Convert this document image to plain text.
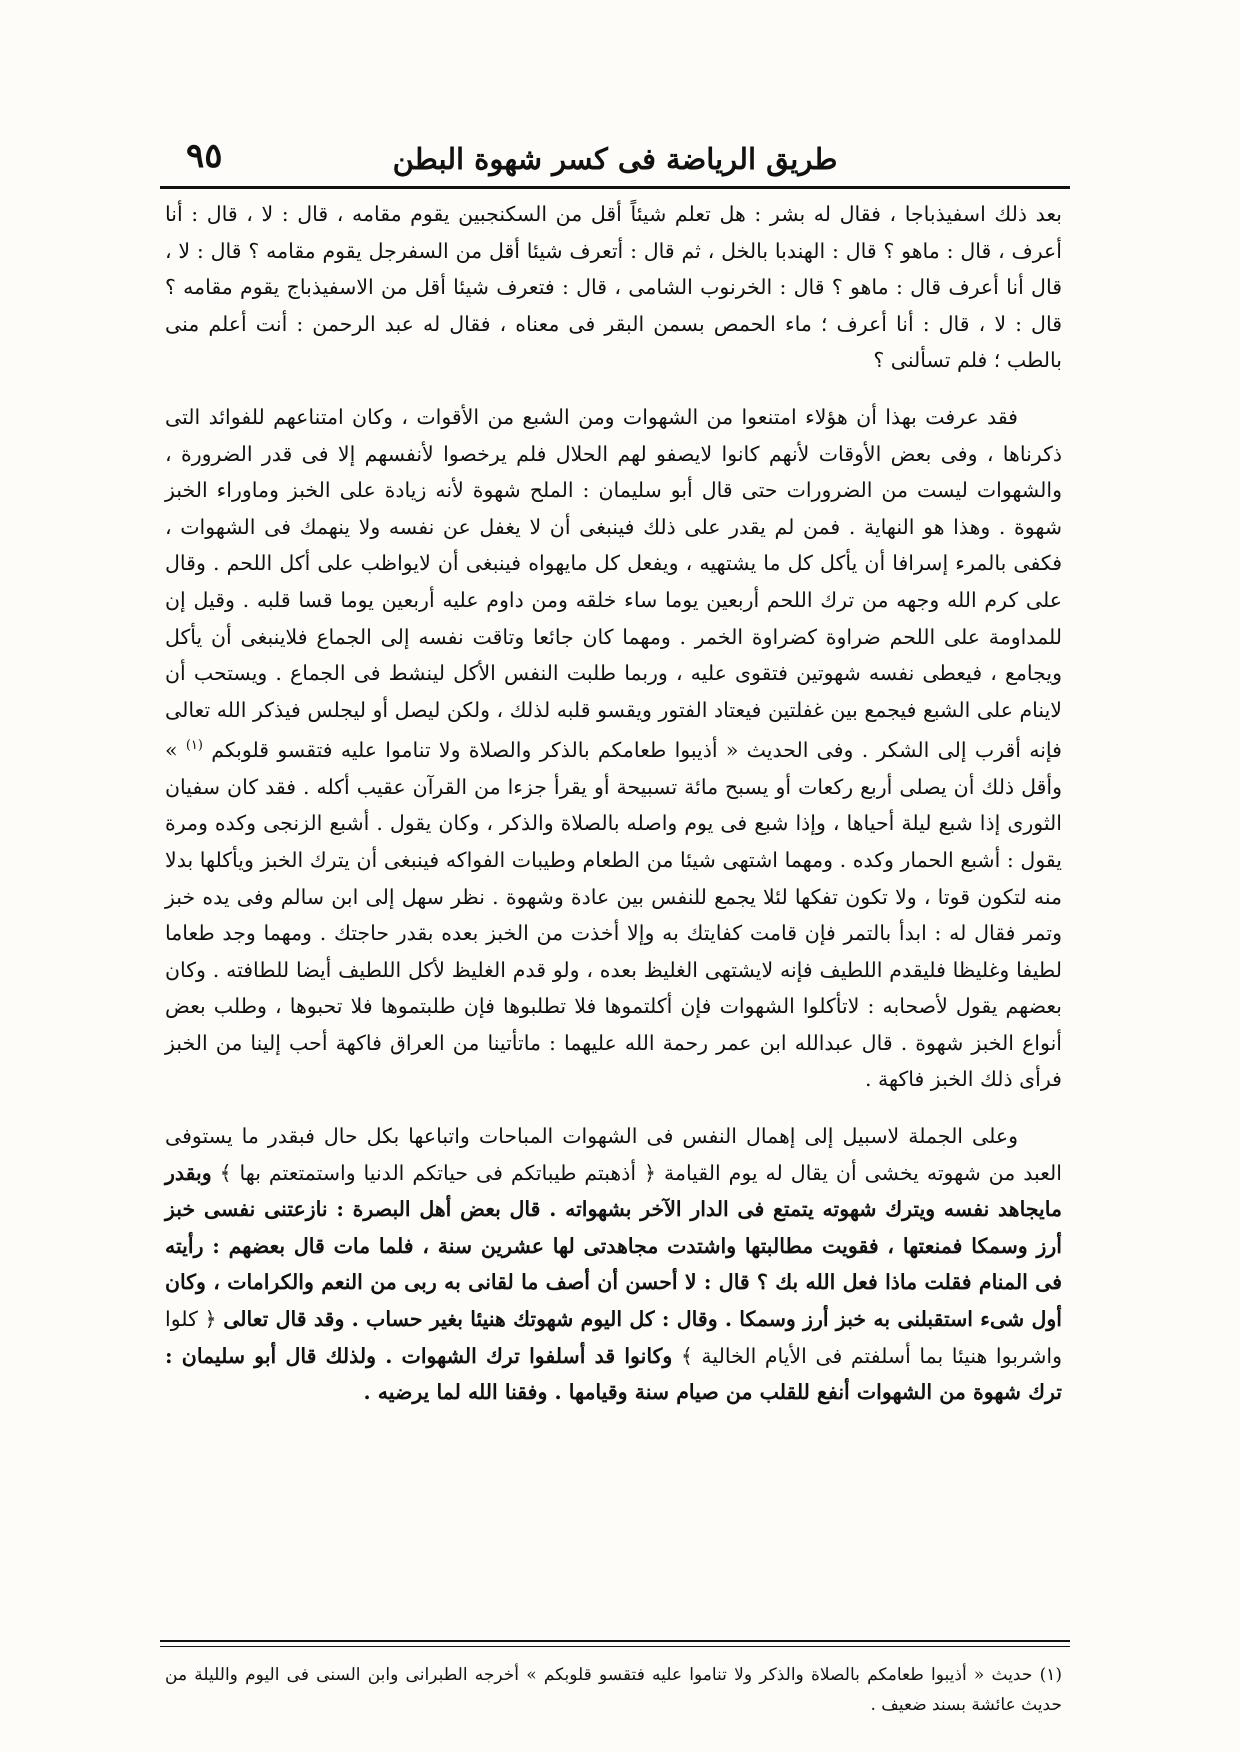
٩٥	طريق الرياضة فى كسر شهوة البطن

بعد ذلك اسفيذباجا ، فقال له بشر : هل تعلم شيئاً أقل من السكنجبين يقوم مقامه ، قال : لا ، قال : أنا أعرف ، قال : ماهو ؟ قال : الهندبا بالخل ، ثم قال : أتعرف شيئا أقل من السفرجل يقوم مقامه ؟ قال : لا ، قال أنا أعرف قال : ماهو ؟ قال : الخرنوب الشامى ، قال : فتعرف شيئا أقل من الاسفيذباج يقوم مقامه ؟ قال : لا ، قال : أنا أعرف ؛ ماء الحمص بسمن البقر فى معناه ، فقال له عبد الرحمن : أنت أعلم منى بالطب ؛ فلم تسألنى ؟

فقد عرفت بهذا أن هؤلاء امتنعوا من الشهوات ومن الشبع من الأقوات ، وكان امتناعهم للفوائد التى ذكرناها ، وفى بعض الأوقات لأنهم كانوا لايصفو لهم الحلال فلم يرخصوا لأنفسهم إلا فى قدر الضرورة ، والشهوات ليست من الضرورات حتى قال أبو سليمان : الملح شهوة لأنه زيادة على الخبز وماوراء الخبز شهوة . وهذا هو النهاية . فمن لم يقدر على ذلك فينبغى أن لا يغفل عن نفسه ولا ينهمك فى الشهوات ، فكفى بالمرء إسرافا أن يأكل كل ما يشتهيه ، ويفعل كل مايهواه فينبغى أن لايواظب على أكل اللحم . وقال على كرم الله وجهه من ترك اللحم أربعين يوما ساء خلقه ومن داوم عليه أربعين يوما قسا قلبه . وقيل إن للمداومة على اللحم ضراوة كضراوة الخمر . ومهما كان جائعا وتاقت نفسه إلى الجماع فلاينبغى أن يأكل ويجامع ، فيعطى نفسه شهوتين فتقوى عليه ، وربما طلبت النفس الأكل لينشط فى الجماع . ويستحب أن لاينام على الشبع فيجمع بين غفلتين فيعتاد الفتور ويقسو قلبه لذلك ، ولكن ليصل أو ليجلس فيذكر الله تعالى فإنه أقرب إلى الشكر . وفى الحديث « أذيبوا طعامكم بالذكر والصلاة ولا تناموا عليه فتقسو قلوبكم $^{(١)}$ » وأقل ذلك أن يصلى أربع ركعات أو يسبح مائة تسبيحة أو يقرأ جزءا من القرآن عقيب أكله . فقد كان سفيان الثورى إذا شبع ليلة أحياها ، وإذا شبع فى يوم واصله بالصلاة والذكر ، وكان يقول . أشبع الزنجى وكده ومرة يقول : أشبع الحمار وكده . ومهما اشتهى شيئا من الطعام وطيبات الفواكه فينبغى أن يترك الخبز ويأكلها بدلا منه لتكون قوتا ، ولا تكون تفكها لئلا يجمع للنفس بين عادة وشهوة . نظر سهل إلى ابن سالم وفى يده خبز وتمر فقال له : ابدأ بالتمر فإن قامت كفايتك به وإلا أخذت من الخبز بعده بقدر حاجتك . ومهما وجد طعاما لطيفا وغليظا فليقدم اللطيف فإنه لايشتهى الغليظ بعده ، ولو قدم الغليظ لأكل اللطيف أيضا للطافته . وكان بعضهم يقول لأصحابه : لاتأكلوا الشهوات فإن أكلتموها فلا تطلبوها فإن طلبتموها فلا تحبوها ، وطلب بعض أنواع الخبز شهوة . قال عبدالله ابن عمر رحمة الله عليهما : ماتأتينا من العراق فاكهة أحب إلينا من الخبز فرأى ذلك الخبز فاكهة .

وعلى الجملة لاسبيل إلى إهمال النفس فى الشهوات المباحات واتباعها بكل حال فبقدر ما يستوفى العبد من شهوته يخشى أن يقال له يوم القيامة ﴿ أذهبتم طيباتكم فى حياتكم الدنيا واستمتعتم بها ﴾ وبقدر مايجاهد نفسه ويترك شهوته يتمتع فى الدار الآخر بشهواته . قال بعض أهل البصرة : نازعتنى نفسى خبز أرز وسمكا فمنعتها ، فقويت مطالبتها واشتدت مجاهدتى لها عشرين سنة ، فلما مات قال بعضهم : رأيته فى المنام فقلت ماذا فعل الله بك ؟ قال : لا أحسن أن أصف ما لقانى به ربى من النعم والكرامات ، وكان أول شىء استقبلنى به خبز أرز وسمكا . وقال : كل اليوم شهوتك هنيئا بغير حساب . وقد قال تعالى ﴿ كلوا واشربوا هنيئا بما أسلفتم فى الأيام الخالية ﴾ وكانوا قد أسلفوا ترك الشهوات . ولذلك قال أبو سليمان : ترك شهوة من الشهوات أنفع للقلب من صيام سنة وقيامها . وفقنا الله لما يرضيه .

(١) حديث « أذيبوا طعامكم بالصلاة والذكر ولا تناموا عليه فتقسو قلوبكم » أخرجه الطبرانى وابن السنى فى اليوم والليلة من حديث عائشة بسند ضعيف .
